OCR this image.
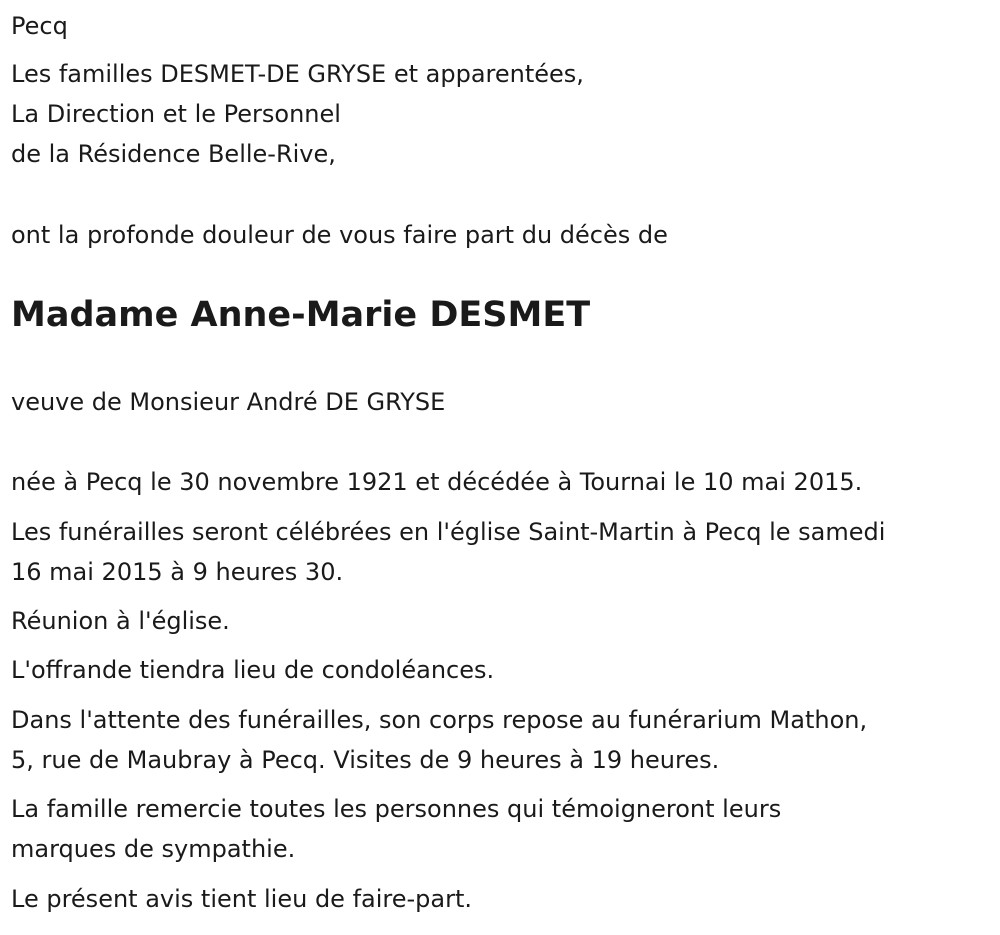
Pecq
Les familles DESMET-DE GRYSE et apparentées,
La Direction et le Personnel
de la Résidence Belle-Rive,
ont la profonde douleur de vous faire part du décès de
Madame Anne-Marie DESMET
veuve de Monsieur André DE GRYSE
née à Pecq le 30 novembre 1921 et décédée à Tournai le 10 mai 2015.
Les funérailles seront célébrées en l'église Saint-Martin à Pecq le samedi
16 mai 2015 à 9 heures 30.
Réunion à l'église.
L'offrande tiendra lieu de condoléances.
Dans l'attente des funérailles, son corps repose au funérarium Mathon,
5, rue de Maubray à Pecq. Visites de 9 heures à 19 heures.
La famille remercie toutes les personnes qui témoigneront leurs
marques de sympathie.
Le présent avis tient lieu de faire-part.
